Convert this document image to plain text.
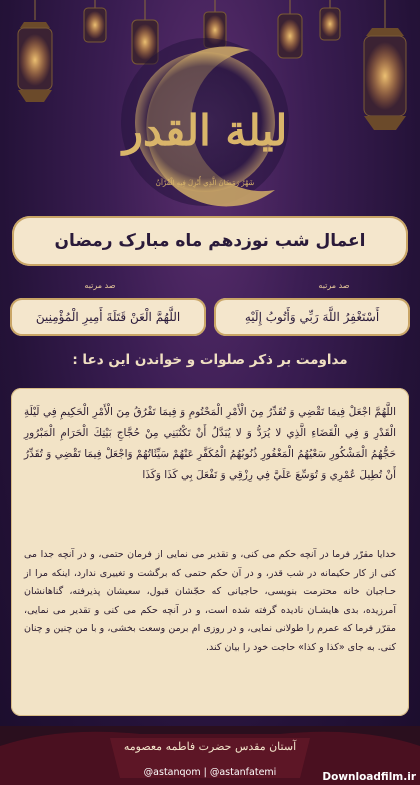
لیلة القدر
شَهْرُ رَمَضَانَ الَّذِي أُنْزِلَ فِيهِ الْقُرْآنُ
اعمال شب نوزدهم ماه مبارک رمضان
صد مرتبه
صد مرتبه
أَسْتَغْفِرُ اللَّهَ رَبِّي وَأَتُوبُ إِلَيْهِ
اللَّهُمَّ الْعَنْ قَتَلَةَ أَمِيرِ الْمُؤْمِنِينَ
مداومت بر ذکر صلوات و خواندن این دعا :
اللَّهُمَّ اجْعَلْ فِيمَا تَقْضِي وَ تُقَدِّرُ مِنَ الْأَمْرِ الْمَحْتُومِ وَ فِيمَا تَفْرُقُ مِنَ الْأَمْرِ الْحَكِيمِ فِي لَيْلَةِ الْقَدْرِ وَ فِي الْقَضَاءِ الَّذِي لا يُرَدُّ وَ لا يُبَدَّلُ أَنْ تَكْتُبَنِي مِنْ حُجَّاجِ بَيْتِكَ الْحَرَامِ الْمَبْرُورِ حَجُّهُمُ الْمَشْكُورِ سَعْيُهُمُ الْمَغْفُورِ ذُنُوبُهُمُ الْمُكَفَّرِ عَنْهُمْ سَيِّئَاتُهُمْ وَاجْعَلْ فِيمَا تَقْضِي وَ تُقَدِّرُ أَنْ تُطِيلَ عُمْرِي وَ تُوَسِّعَ عَلَيَّ فِي رِزْقِي وَ تَفْعَلَ بِي كَذَا وَكَذَا
خدایا مقرّر فرما در آنچه حکم می کنی، و تقدیر می نمایی از فرمان حتمی، و در آنچه جدا می کنی از کار حکیمانه در شب قدر، و در آن حکم حتمی که برگشت و تغییری ندارد، اینکه مرا از حـاجیان خانه محترمت بنویسی، حاجیانی که حجّشان قبول، سعیشان پذیرفته، گناهانشان آمرزیده، بدی هایشـان نادیده گرفته شده است، و در آنچه حکم می کنی و تقدیر می نمایی، مقرّر فرما که عمرم را طولانی نمایی، و در روزی ام برمن وسعت بخشی، و با من چنین و چنان کنی. به جای «کذا و کذا» حاجت خود را بیان کند.
آستان مقدس حضرت فاطمه معصومه
@astanqom | @astanfatemi	Downloadfilm.ir
